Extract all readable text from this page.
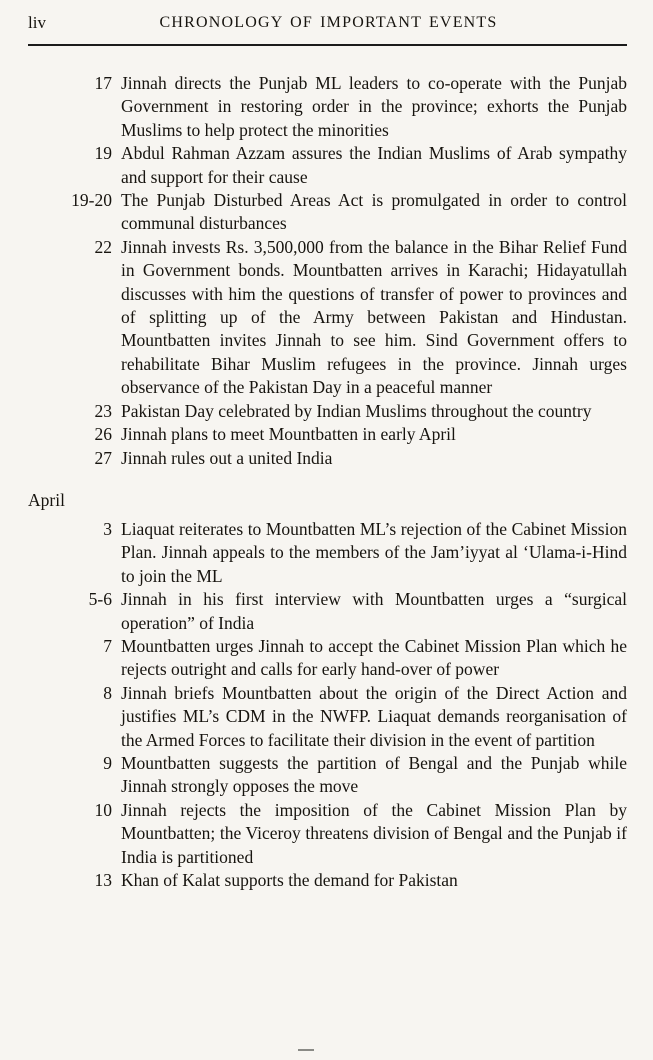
liv	CHRONOLOGY OF IMPORTANT EVENTS
17 Jinnah directs the Punjab ML leaders to co-operate with the Punjab Government in restoring order in the province; exhorts the Punjab Muslims to help protect the minorities
19 Abdul Rahman Azzam assures the Indian Muslims of Arab sympathy and support for their cause
19-20 The Punjab Disturbed Areas Act is promulgated in order to control communal disturbances
22 Jinnah invests Rs. 3,500,000 from the balance in the Bihar Relief Fund in Government bonds. Mountbatten arrives in Karachi; Hidayatullah discusses with him the questions of transfer of power to provinces and of splitting up of the Army between Pakistan and Hindustan. Mountbatten invites Jinnah to see him. Sind Government offers to rehabilitate Bihar Muslim refugees in the province. Jinnah urges observance of the Pakistan Day in a peaceful manner
23 Pakistan Day celebrated by Indian Muslims throughout the country
26 Jinnah plans to meet Mountbatten in early April
27 Jinnah rules out a united India
April
3 Liaquat reiterates to Mountbatten ML’s rejection of the Cabinet Mission Plan. Jinnah appeals to the members of the Jam’iyyat al ‘Ulama-i-Hind to join the ML
5-6 Jinnah in his first interview with Mountbatten urges a “surgical operation” of India
7 Mountbatten urges Jinnah to accept the Cabinet Mission Plan which he rejects outright and calls for early hand-over of power
8 Jinnah briefs Mountbatten about the origin of the Direct Action and justifies ML’s CDM in the NWFP. Liaquat demands reorganisation of the Armed Forces to facilitate their division in the event of partition
9 Mountbatten suggests the partition of Bengal and the Punjab while Jinnah strongly opposes the move
10 Jinnah rejects the imposition of the Cabinet Mission Plan by Mountbatten; the Viceroy threatens division of Bengal and the Punjab if India is partitioned
13 Khan of Kalat supports the demand for Pakistan
